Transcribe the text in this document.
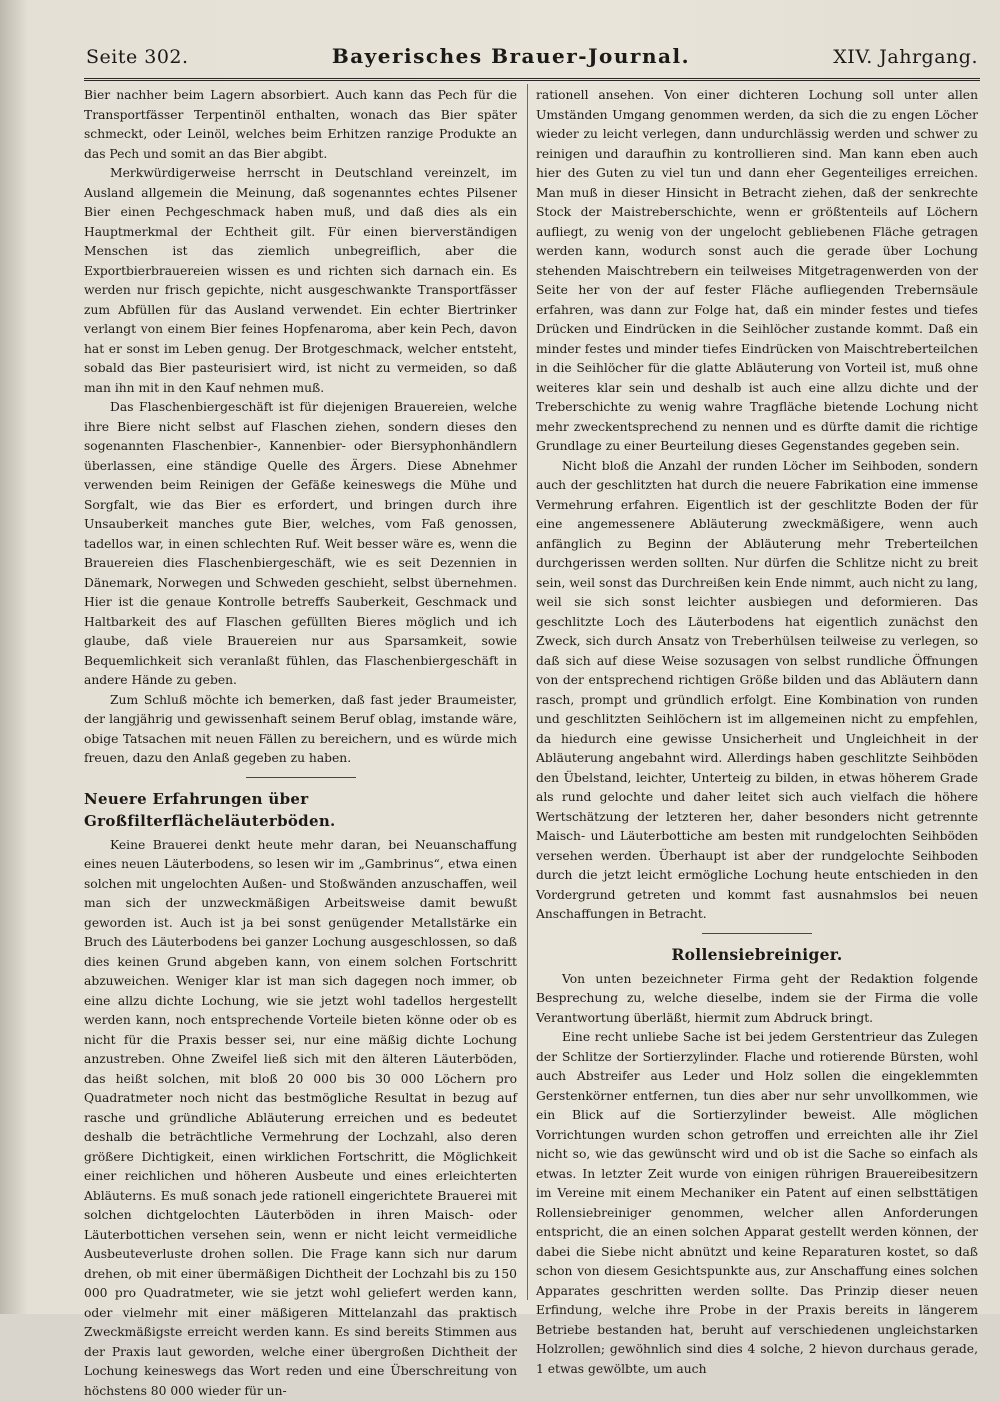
Seite 302.	Bayerisches Brauer-Journal.	XIV. Jahrgang.

Bier nachher beim Lagern absorbiert. Auch kann das Pech für die Transportfässer Terpentinöl enthalten, wonach das Bier später schmeckt, oder Leinöl, welches beim Erhitzen ranzige Produkte an das Pech und somit an das Bier abgibt.

Merkwürdigerweise herrscht in Deutschland vereinzelt, im Ausland allgemein die Meinung, daß sogenanntes echtes Pilsener Bier einen Pechgeschmack haben muß, und daß dies als ein Hauptmerkmal der Echtheit gilt. Für einen bierverständigen Menschen ist das ziemlich unbegreiflich, aber die Exportbierbrauereien wissen es und richten sich darnach ein. Es werden nur frisch gepichte, nicht ausgeschwankte Transportfässer zum Abfüllen für das Ausland verwendet. Ein echter Biertrinker verlangt von einem Bier feines Hopfenaroma, aber kein Pech, davon hat er sonst im Leben genug. Der Brotgeschmack, welcher entsteht, sobald das Bier pasteurisiert wird, ist nicht zu vermeiden, so daß man ihn mit in den Kauf nehmen muß.

Das Flaschenbiergeschäft ist für diejenigen Brauereien, welche ihre Biere nicht selbst auf Flaschen ziehen, sondern dieses den sogenannten Flaschenbier-, Kannenbier- oder Biersyphonhändlern überlassen, eine ständige Quelle des Ärgers. Diese Abnehmer verwenden beim Reinigen der Gefäße keineswegs die Mühe und Sorgfalt, wie das Bier es erfordert, und bringen durch ihre Unsauberkeit manches gute Bier, welches, vom Faß genossen, tadellos war, in einen schlechten Ruf. Weit besser wäre es, wenn die Brauereien dies Flaschenbiergeschäft, wie es seit Dezennien in Dänemark, Norwegen und Schweden geschieht, selbst übernehmen. Hier ist die genaue Kontrolle betreffs Sauberkeit, Geschmack und Haltbarkeit des auf Flaschen gefüllten Bieres möglich und ich glaube, daß viele Brauereien nur aus Sparsamkeit, sowie Bequemlichkeit sich veranlaßt fühlen, das Flaschenbiergeschäft in andere Hände zu geben.

Zum Schluß möchte ich bemerken, daß fast jeder Braumeister, der langjährig und gewissenhaft seinem Beruf oblag, imstande wäre, obige Tatsachen mit neuen Fällen zu bereichern, und es würde mich freuen, dazu den Anlaß gegeben zu haben.

Neuere Erfahrungen über Großfilterflächeläuterböden.

Keine Brauerei denkt heute mehr daran, bei Neuanschaffung eines neuen Läuterbodens, so lesen wir im „Gambrinus“, etwa einen solchen mit ungelochten Außen- und Stoßwänden anzuschaffen, weil man sich der unzweckmäßigen Arbeitsweise damit bewußt geworden ist. Auch ist ja bei sonst genügender Metallstärke ein Bruch des Läuterbodens bei ganzer Lochung ausgeschlossen, so daß dies keinen Grund abgeben kann, von einem solchen Fortschritt abzuweichen. Weniger klar ist man sich dagegen noch immer, ob eine allzu dichte Lochung, wie sie jetzt wohl tadellos hergestellt werden kann, noch entsprechende Vorteile bieten könne oder ob es nicht für die Praxis besser sei, nur eine mäßig dichte Lochung anzustreben. Ohne Zweifel ließ sich mit den älteren Läuterböden, das heißt solchen, mit bloß 20 000 bis 30 000 Löchern pro Quadratmeter noch nicht das bestmögliche Resultat in bezug auf rasche und gründliche Abläuterung erreichen und es bedeutet deshalb die beträchtliche Vermehrung der Lochzahl, also deren größere Dichtigkeit, einen wirklichen Fortschritt, die Möglichkeit einer reichlichen und höheren Ausbeute und eines erleichterten Abläuterns. Es muß sonach jede rationell eingerichtete Brauerei mit solchen dichtgelochten Läuterböden in ihren Maisch- oder Läuterbottichen versehen sein, wenn er nicht leicht vermeidliche Ausbeuteverluste drohen sollen. Die Frage kann sich nur darum drehen, ob mit einer übermäßigen Dichtheit der Lochzahl bis zu 150 000 pro Quadratmeter, wie sie jetzt wohl geliefert werden kann, oder vielmehr mit einer mäßigeren Mittelanzahl das praktisch Zweckmäßigste erreicht werden kann. Es sind bereits Stimmen aus der Praxis laut geworden, welche einer übergroßen Dichtheit der Lochung keineswegs das Wort reden und eine Überschreitung von höchstens 80 000 wieder für un-

rationell ansehen. Von einer dichteren Lochung soll unter allen Umständen Umgang genommen werden, da sich die zu engen Löcher wieder zu leicht verlegen, dann undurchlässig werden und schwer zu reinigen und daraufhin zu kontrollieren sind. Man kann eben auch hier des Guten zu viel tun und dann eher Gegenteiliges erreichen. Man muß in dieser Hinsicht in Betracht ziehen, daß der senkrechte Stock der Maistreberschichte, wenn er größtenteils auf Löchern aufliegt, zu wenig von der ungelocht gebliebenen Fläche getragen werden kann, wodurch sonst auch die gerade über Lochung stehenden Maischtrebern ein teilweises Mitgetragenwerden von der Seite her von der auf fester Fläche aufliegenden Trebernsäule erfahren, was dann zur Folge hat, daß ein minder festes und tiefes Drücken und Eindrücken in die Seihlöcher zustande kommt. Daß ein minder festes und minder tiefes Eindrücken von Maischtreberteilchen in die Seihlöcher für die glatte Abläuterung von Vorteil ist, muß ohne weiteres klar sein und deshalb ist auch eine allzu dichte und der Treberschichte zu wenig wahre Tragfläche bietende Lochung nicht mehr zweckentsprechend zu nennen und es dürfte damit die richtige Grundlage zu einer Beurteilung dieses Gegenstandes gegeben sein.

Nicht bloß die Anzahl der runden Löcher im Seihboden, sondern auch der geschlitzten hat durch die neuere Fabrikation eine immense Vermehrung erfahren. Eigentlich ist der geschlitzte Boden der für eine angemessenere Abläuterung zweckmäßigere, wenn auch anfänglich zu Beginn der Abläuterung mehr Treberteilchen durchgerissen werden sollten. Nur dürfen die Schlitze nicht zu breit sein, weil sonst das Durchreißen kein Ende nimmt, auch nicht zu lang, weil sie sich sonst leichter ausbiegen und deformieren. Das geschlitzte Loch des Läuterbodens hat eigentlich zunächst den Zweck, sich durch Ansatz von Treberhülsen teilweise zu verlegen, so daß sich auf diese Weise sozusagen von selbst rundliche Öffnungen von der entsprechend richtigen Größe bilden und das Abläutern dann rasch, prompt und gründlich erfolgt. Eine Kombination von runden und geschlitzten Seihlöchern ist im allgemeinen nicht zu empfehlen, da hiedurch eine gewisse Unsicherheit und Ungleichheit in der Abläuterung angebahnt wird. Allerdings haben geschlitzte Seihböden den Übelstand, leichter, Unterteig zu bilden, in etwas höherem Grade als rund gelochte und daher leitet sich auch vielfach die höhere Wertschätzung der letzteren her, daher besonders nicht getrennte Maisch- und Läuterbottiche am besten mit rundgelochten Seihböden versehen werden. Überhaupt ist aber der rundgelochte Seihboden durch die jetzt leicht ermögliche Lochung heute entschieden in den Vordergrund getreten und kommt fast ausnahmslos bei neuen Anschaffungen in Betracht.

Rollensiebreiniger.

Von unten bezeichneter Firma geht der Redaktion folgende Besprechung zu, welche dieselbe, indem sie der Firma die volle Verantwortung überläßt, hiermit zum Abdruck bringt.

Eine recht unliebe Sache ist bei jedem Gerstentrieur das Zulegen der Schlitze der Sortierzylinder. Flache und rotierende Bürsten, wohl auch Abstreifer aus Leder und Holz sollen die eingeklemmten Gerstenkörner entfernen, tun dies aber nur sehr unvollkommen, wie ein Blick auf die Sortierzylinder beweist. Alle möglichen Vorrichtungen wurden schon getroffen und erreichten alle ihr Ziel nicht so, wie das gewünscht wird und ob ist die Sache so einfach als etwas. In letzter Zeit wurde von einigen rührigen Brauereibesitzern im Vereine mit einem Mechaniker ein Patent auf einen selbsttätigen Rollensiebreiniger genommen, welcher allen Anforderungen entspricht, die an einen solchen Apparat gestellt werden können, der dabei die Siebe nicht abnützt und keine Reparaturen kostet, so daß schon von diesem Gesichtspunkte aus, zur Anschaffung eines solchen Apparates geschritten werden sollte. Das Prinzip dieser neuen Erfindung, welche ihre Probe in der Praxis bereits in längerem Betriebe bestanden hat, beruht auf verschiedenen ungleichstarken Holzrollen; gewöhnlich sind dies 4 solche, 2 hievon durchaus gerade, 1 etwas gewölbte, um auch
